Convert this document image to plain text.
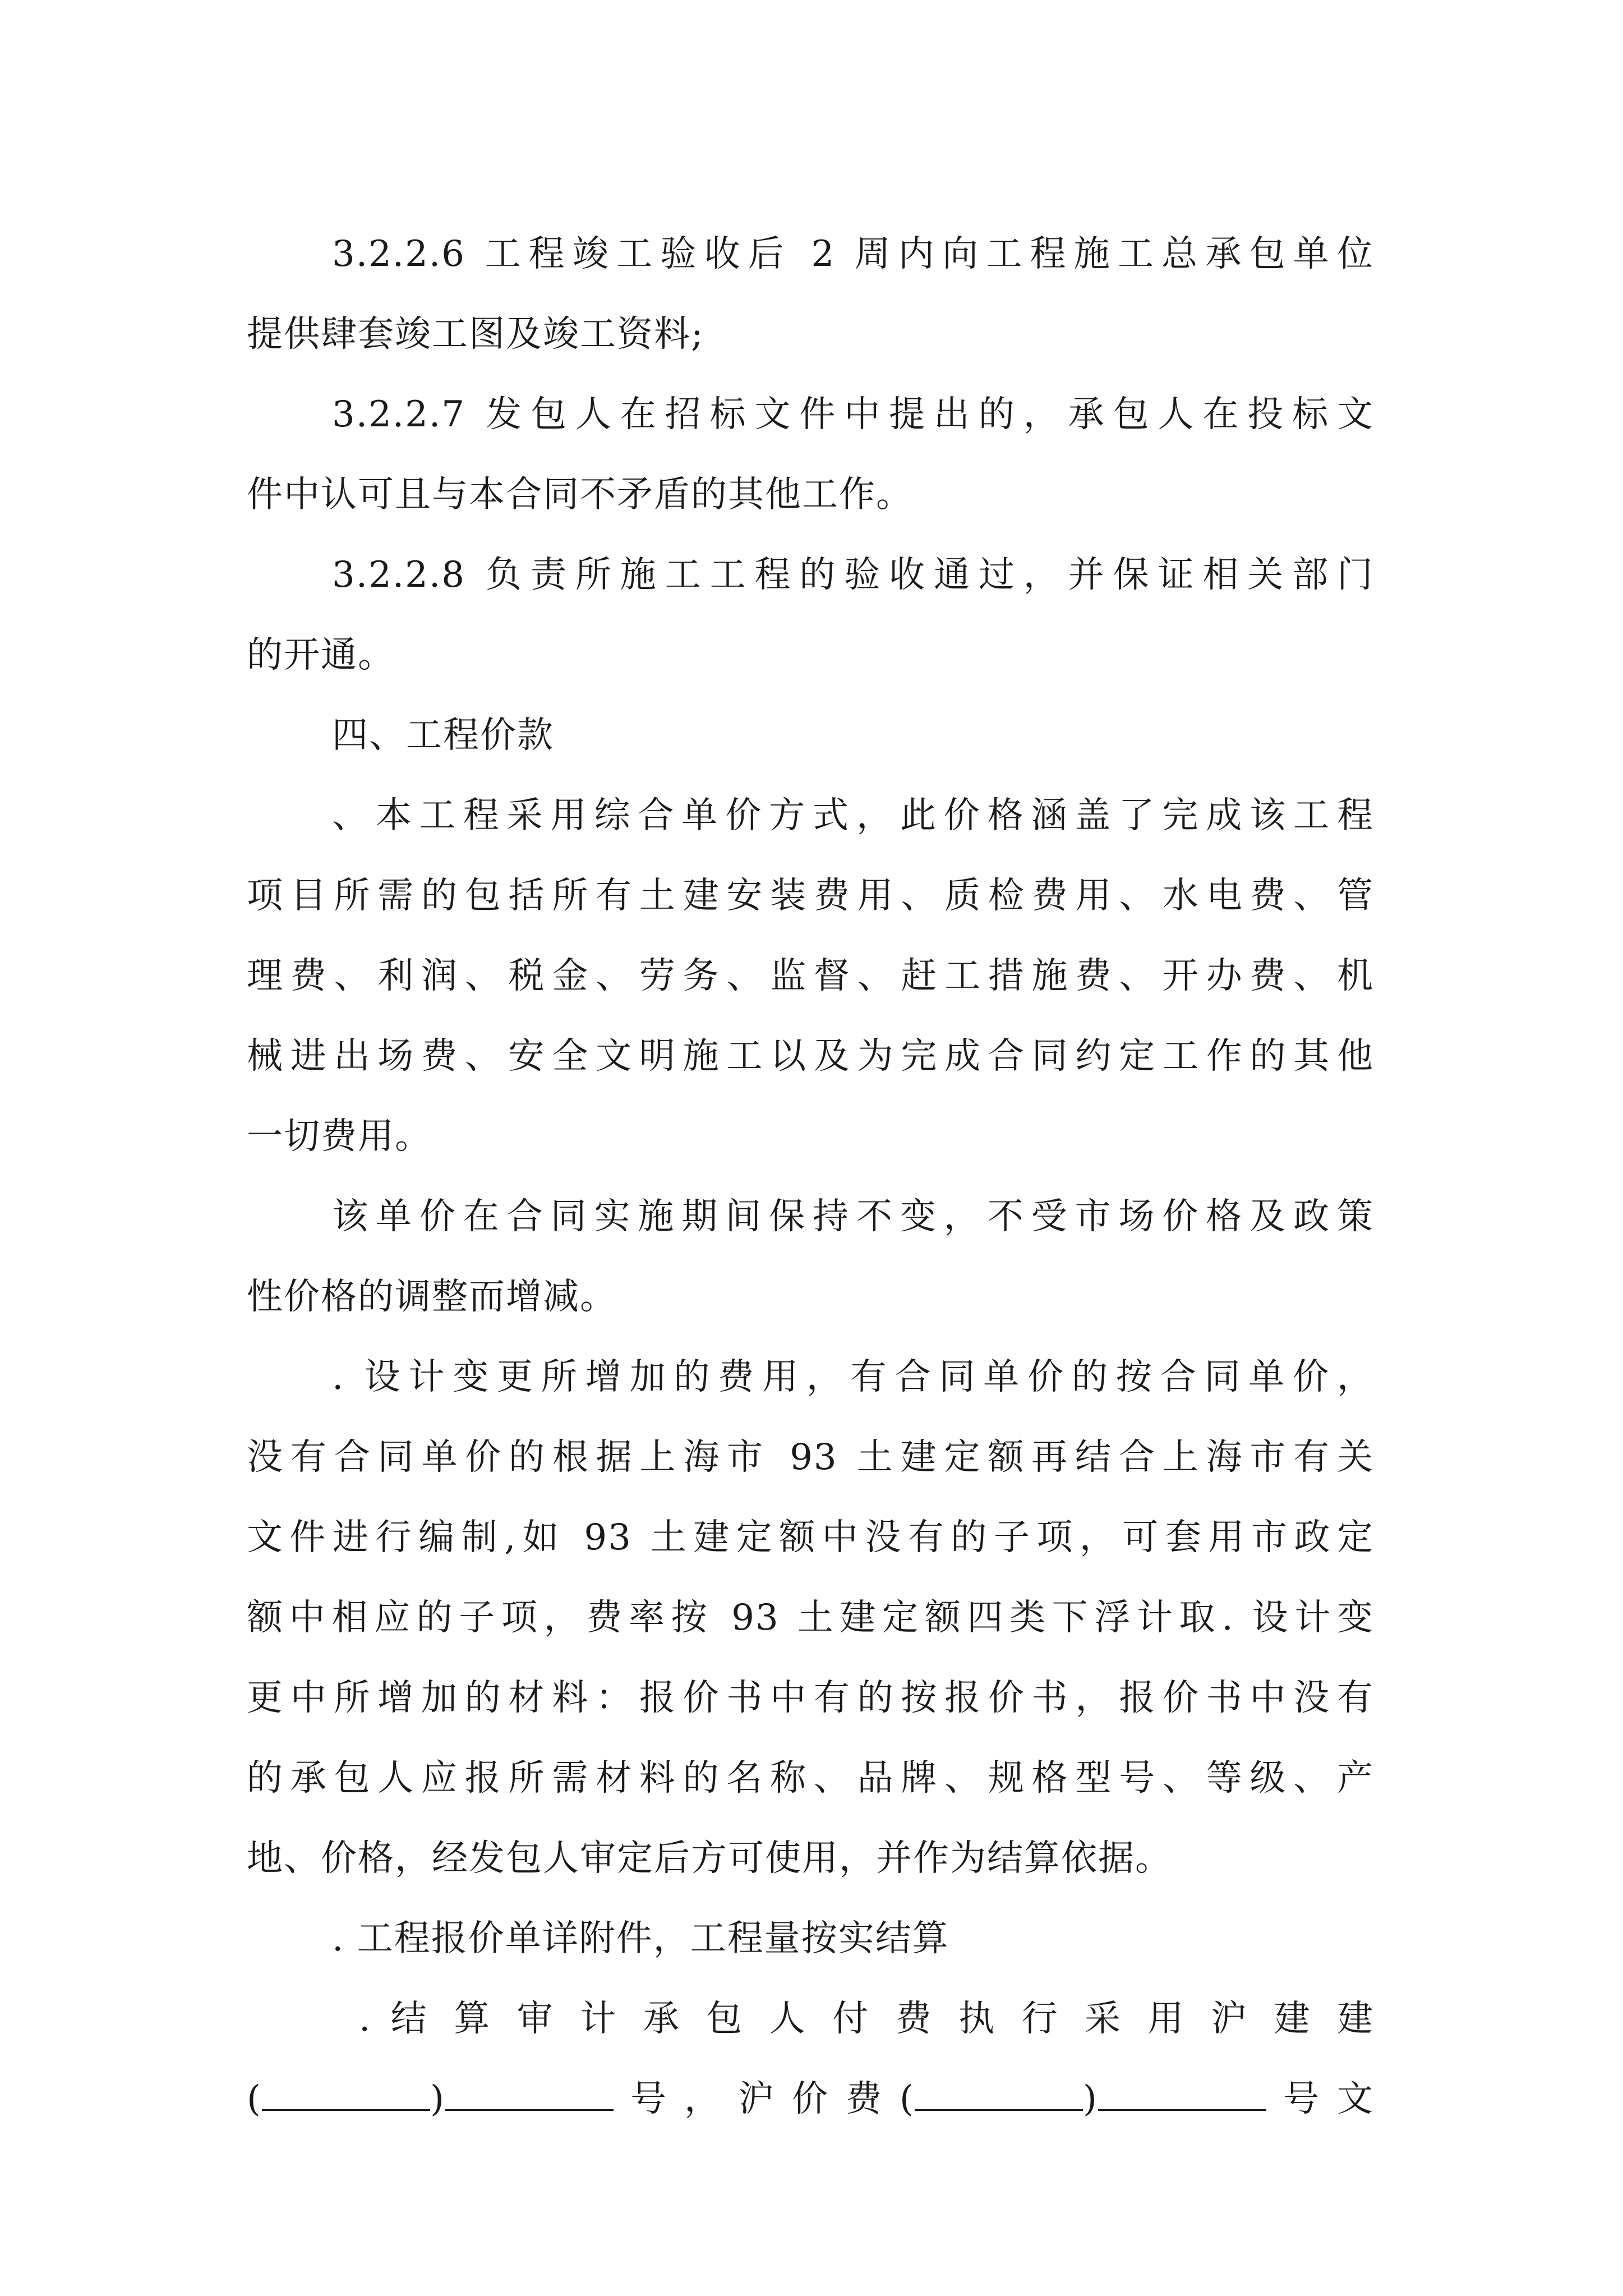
3.2.2.6 工程竣工验收后 2 周内向工程施工总承包单位
提供肆套竣工图及竣工资料;

3.2.2.7 发包人在招标文件中提出的，承包人在投标文
件中认可且与本合同不矛盾的其他工作。

3.2.2.8 负责所施工工程的验收通过，并保证相关部门
的开通。

四、工程价款

、本工程采用综合单价方式，此价格涵盖了完成该工程
项目所需的包括所有土建安装费用、质检费用、水电费、管
理费、利润、税金、劳务、监督、赶工措施费、开办费、机
械进出场费、安全文明施工以及为完成合同约定工作的其他
一切费用。

该单价在合同实施期间保持不变，不受市场价格及政策
性价格的调整而增减。

. 设计变更所增加的费用，有合同单价的按合同单价，
没有合同单价的根据上海市 93 土建定额再结合上海市有关
文件进行编制,如 93 土建定额中没有的子项，可套用市政定
额中相应的子项，费率按 93 土建定额四类下浮计取. 设计变
更中所增加的材料：报价书中有的按报价书，报价书中没有
的承包人应报所需材料的名称、品牌、规格型号、等级、产
地、价格，经发包人审定后方可使用，并作为结算依据。

. 工程报价单详附件，工程量按实结算

. 结 算 审 计 承 包 人 付 费 执 行 采 用 沪 建 建
(	)	号，沪价费(	)	号文
